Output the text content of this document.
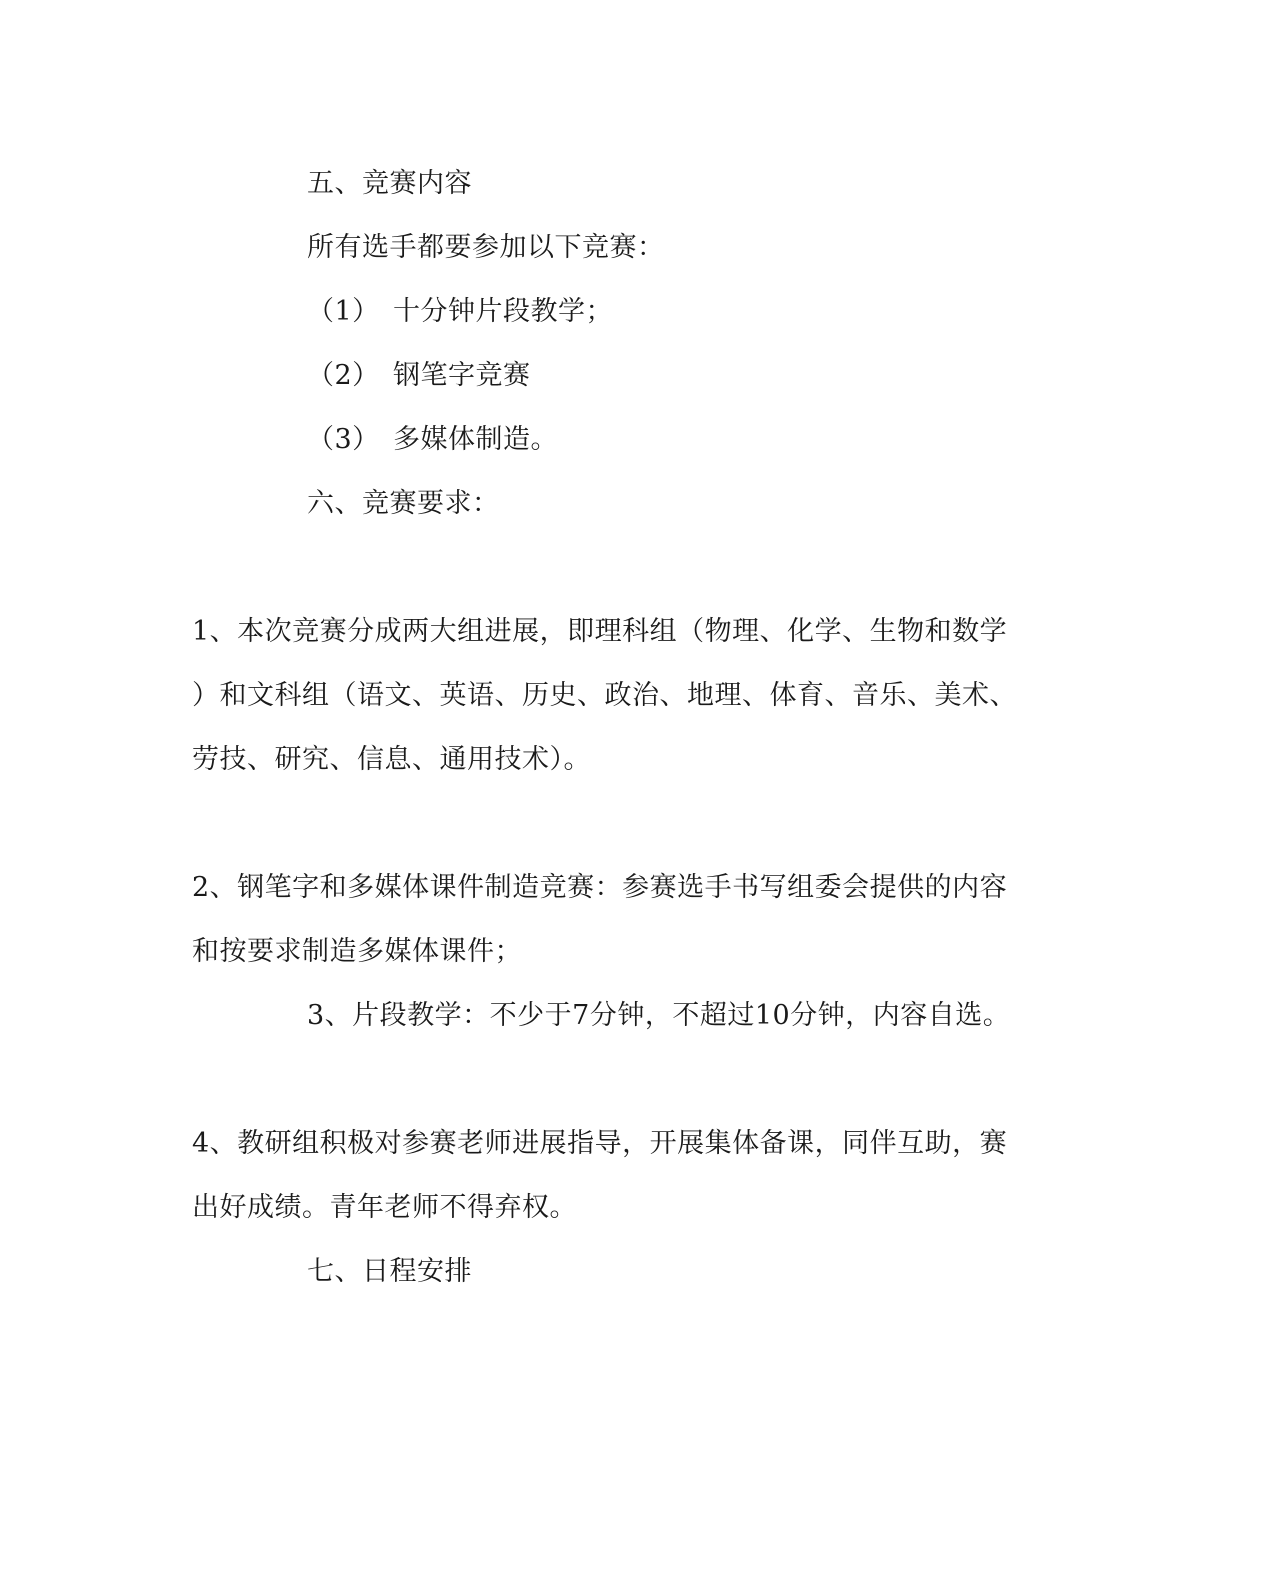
五、竞赛内容
所有选手都要参加以下竞赛：
（1） 十分钟片段教学；
（2） 钢笔字竞赛
（3） 多媒体制造。
六、竞赛要求：
1、本次竞赛分成两大组进展，即理科组（物理、化学、生物和数学
）和文科组（语文、英语、历史、政治、地理、体育、音乐、美术、
劳技、研究、信息、通用技术）。
2、钢笔字和多媒体课件制造竞赛：参赛选手书写组委会提供的内容
和按要求制造多媒体课件；
3、片段教学：不少于7分钟，不超过10分钟，内容自选。
4、教研组积极对参赛老师进展指导，开展集体备课，同伴互助，赛
出好成绩。青年老师不得弃权。
七、日程安排
